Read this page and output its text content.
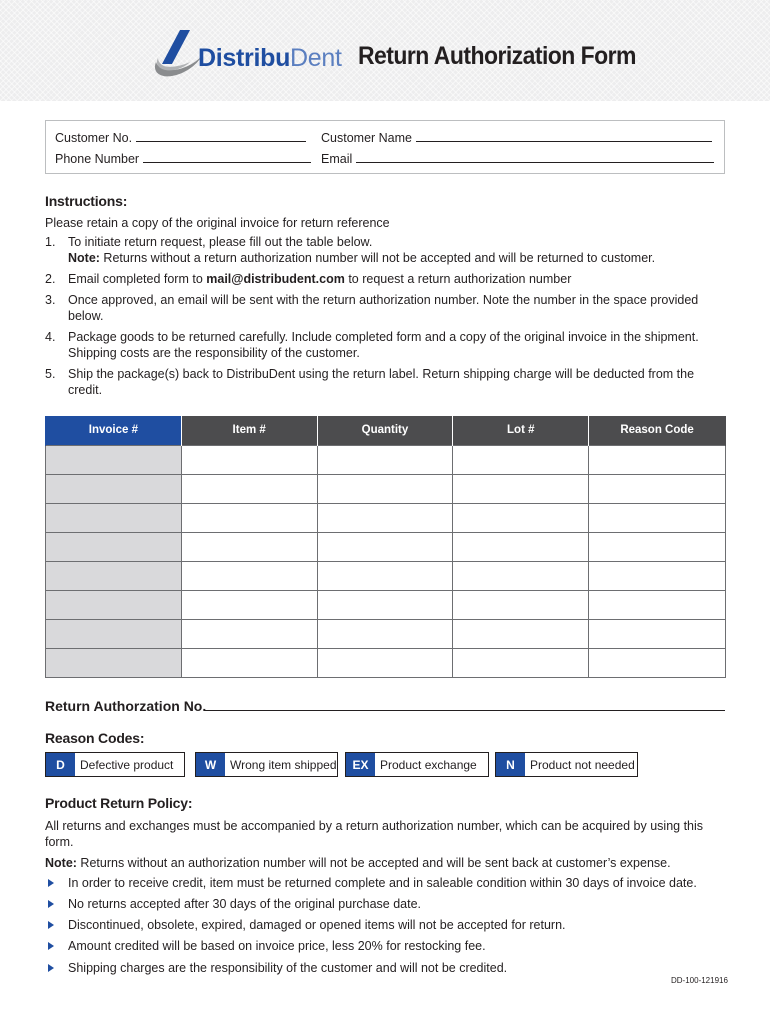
DistribuDent Return Authorization Form
Customer No.	Customer Name
Phone Number	Email
Instructions:
Please retain a copy of the original invoice for return reference
1. To initiate return request, please fill out the table below.
Note: Returns without a return authorization number will not be accepted and will be returned to customer.
2. Email completed form to mail@distribudent.com to request a return authorization number
3. Once approved, an email will be sent with the return authorization number. Note the number in the space provided below.
4. Package goods to be returned carefully. Include completed form and a copy of the original invoice in the shipment. Shipping costs are the responsibility of the customer.
5. Ship the package(s) back to DistribuDent using the return label. Return shipping charge will be deducted from the credit.
Invoice #	Item #	Quantity	Lot #	Reason Code

Return Authorzation No.
Reason Codes:
D	Defective product	W	Wrong item shipped	EX Product exchange	N	Product not needed
Product Return Policy:
All returns and exchanges must be accompanied by a return authorization number, which can be acquired by using this form.
Note: Returns without an authorization number will not be accepted and will be sent back at customer’s expense.
In order to receive credit, item must be returned complete and in saleable condition within 30 days of invoice date.
No returns accepted after 30 days of the original purchase date.
Discontinued, obsolete, expired, damaged or opened items will not be accepted for return.
Amount credited will be based on invoice price, less 20% for restocking fee.
Shipping charges are the responsibility of the customer and will not be credited.
DD-100-121916
